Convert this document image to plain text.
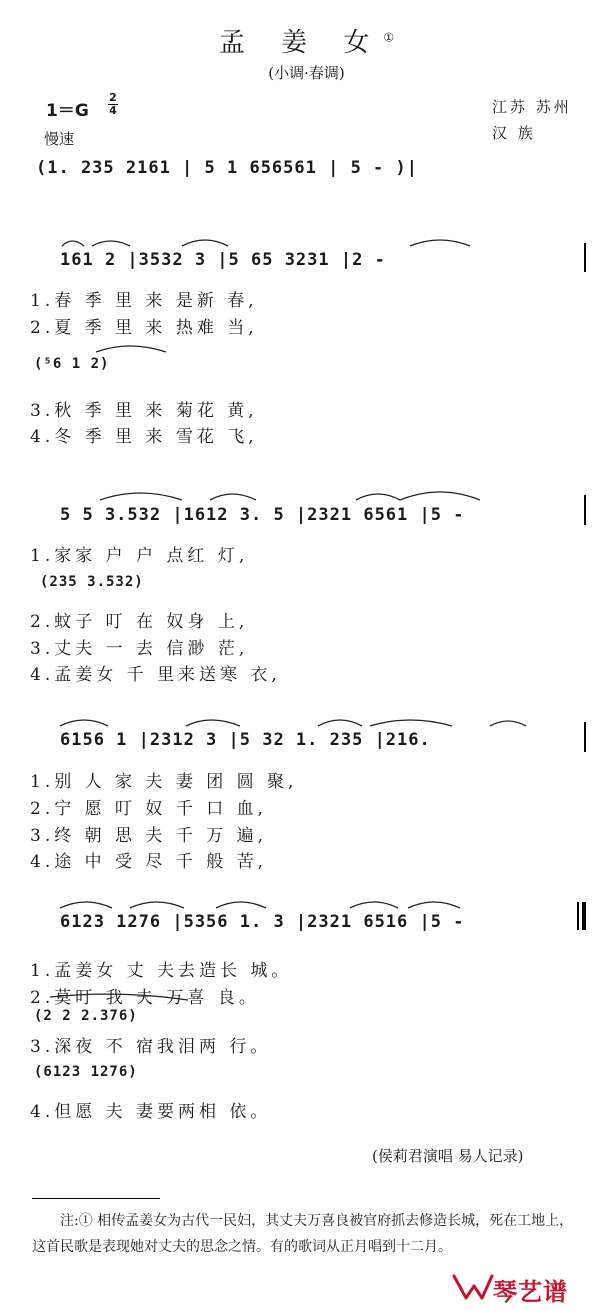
孟 姜 女①
(小调·春调)
1＝G
2
4
慢速
江苏 苏州
汉 族
(1. 235 2161 | 5 1 656561 | 5 - )|
161 2 |3532 3 |5 65 3231 |2 -
1.春 季 里 来 是新 春,
2.夏 季 里 来 热难 当,
(⁵6 1 2)
3.秋 季 里 来 菊花 黄,
4.冬 季 里 来 雪花 飞,
5 5 3.532 |1612 3. 5 |2321 6561 |5 -
1.家家 户 户 点红 灯,
(235 3.532)
2.蚊子 叮 在 奴身 上,
3.丈夫 一 去 信渺 茫,
4.孟姜女 千 里来送寒 衣,
6156 1 |2312 3 |5 32 1. 235 |216.
1.别 人 家 夫 妻 团 圆 聚,
2.宁 愿 叮 奴 千 口 血,
3.终 朝 思 夫 千 万 遍,
4.途 中 受 尽 千 般 苦,
6123 1276 |5356 1. 3 |2321 6516 |5 -
1.孟姜女 丈 夫去造长 城。
2.莫叮 我 夫 万喜 良。
(2 2 2.376)
3.深夜 不 宿我泪两 行。
(6123 1276)
4.但愿 夫 妻要两相 依。
(侯莉君演唱 易人记录)
注:① 相传孟姜女为古代一民妇，其丈夫万喜良被官府抓去修造长城，死在工地上，这首民歌是表现她对丈夫的思念之情。有的歌词从正月唱到十二月。
琴艺谱
